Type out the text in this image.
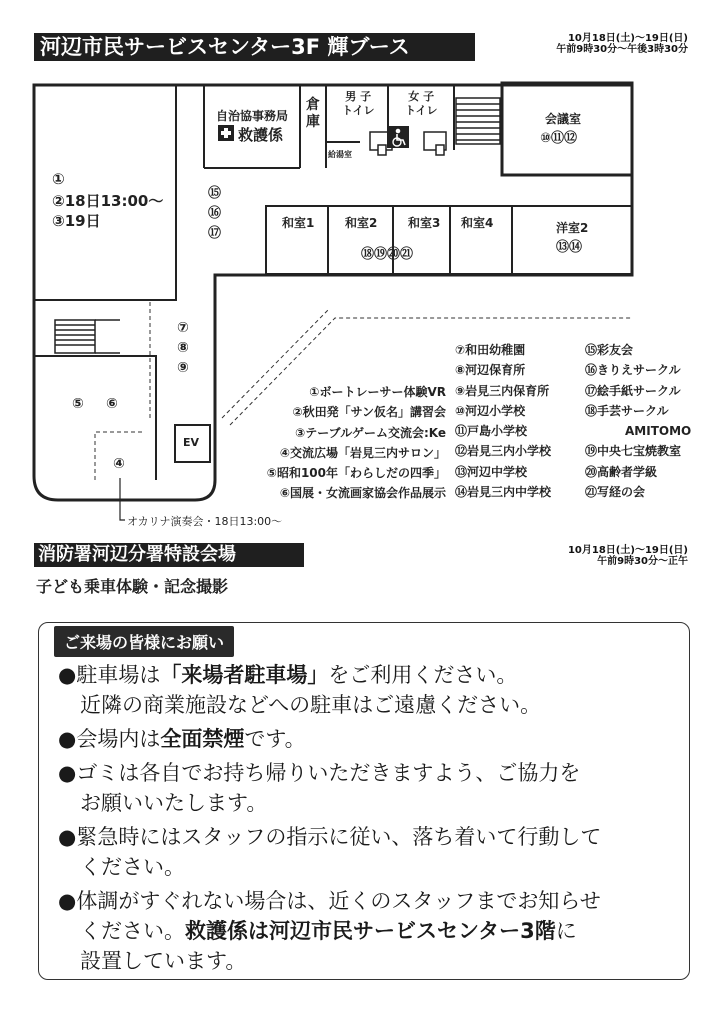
河辺市民サービスセンター3F 輝ブース	10月18日(土)〜19日(日)
午前9時30分〜午後3時30分
自治協事務局
救護係
倉庫
給湯室
男 子
トイレ
女 子
トイレ
会議室
⑩⑪⑫
和室1	和室2	和室3 和室4
⑱⑲⑳㉑
洋室2
⑬⑭
①
②18日13:00〜
③19日
⑮
⑯
⑰
⑦
⑧
⑨
⑤ ⑥
④
EV
オカリナ演奏会・18日13:00〜
①ボートレーサー体験VR
②秋田発「サン仮名」講習会
③テーブルゲーム交流会:Ke
④交流広場「岩見三内サロン」
⑤昭和100年「わらしだの四季」
⑥国展・女流画家協会作品展示
⑦和田幼稚園
⑧河辺保育所
⑨岩見三内保育所
⑩河辺小学校
⑪戸島小学校
⑫岩見三内小学校
⑬河辺中学校
⑭岩見三内中学校
⑮彩友会
⑯きりえサークル
⑰絵手紙サークル
⑱手芸サークル
AMITOMO
⑲中央七宝焼教室
⑳高齢者学級
㉑写経の会
消防署河辺分署特設会場	10月18日(土)〜19日(日)
午前9時30分〜正午
子ども乗車体験・記念撮影
ご来場の皆様にお願い
●駐車場は「来場者駐車場」をご利用ください。
近隣の商業施設などへの駐車はご遠慮ください。
●会場内は全面禁煙です。
●ゴミは各自でお持ち帰りいただきますよう、ご協力を
お願いいたします。
●緊急時にはスタッフの指示に従い、落ち着いて行動して
ください。
●体調がすぐれない場合は、近くのスタッフまでお知らせ
ください。救護係は河辺市民サービスセンター3階に
設置しています。
